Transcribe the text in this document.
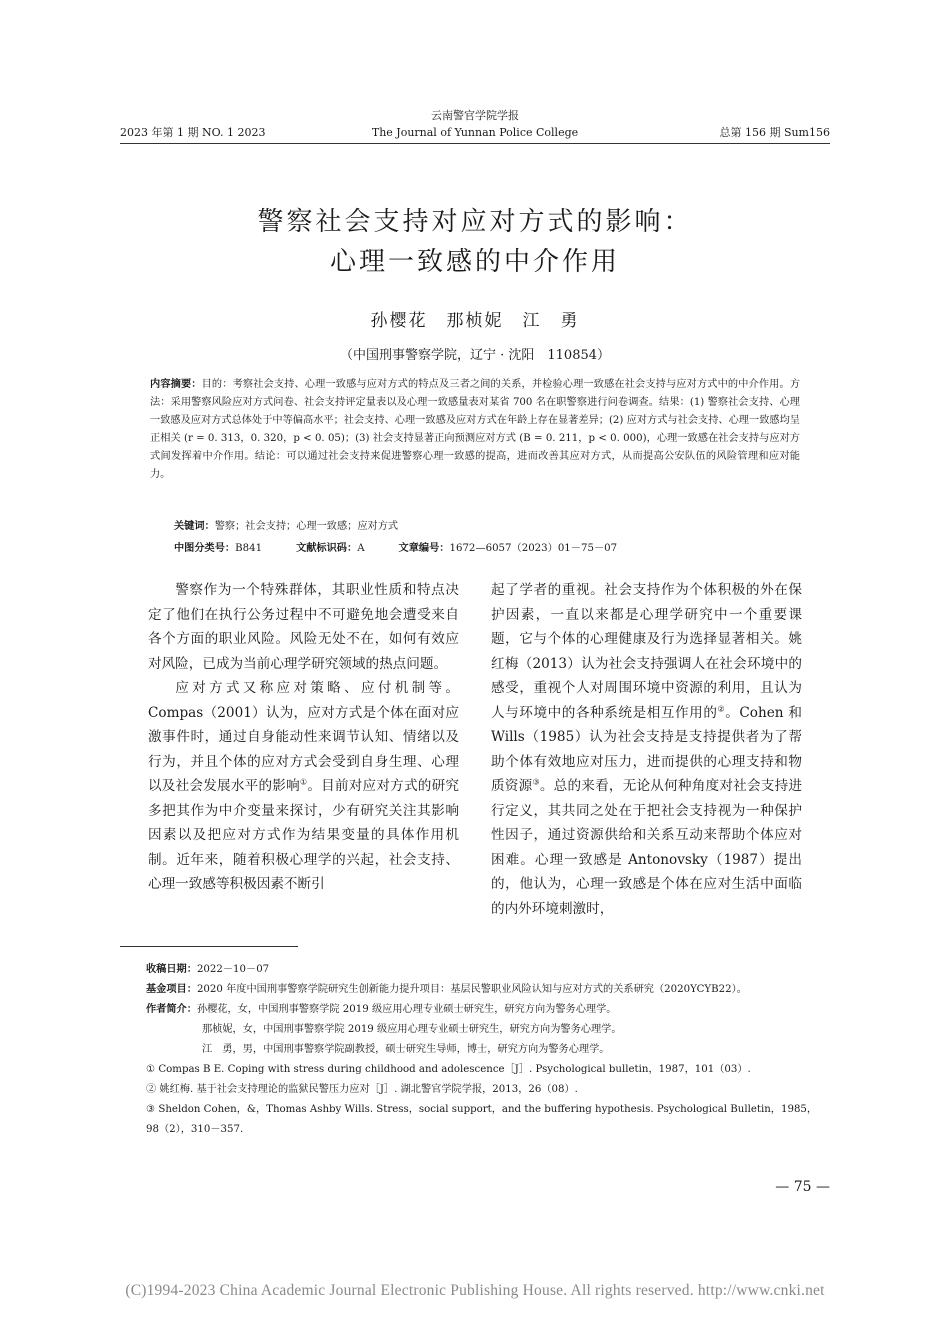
云南警官学院学报
The Journal of Yunnan Police College
2023 年第 1 期 NO. 1 2023	总第 156 期 Sum156
警察社会支持对应对方式的影响：
心理一致感的中介作用
孙樱花　那桢妮　江　勇
（中国刑事警察学院，辽宁 · 沈阳　110854）
内容摘要：目的：考察社会支持、心理一致感与应对方式的特点及三者之间的关系，并检验心理一致感在社会支持与应对方式中的中介作用。方法：采用警察风险应对方式问卷、社会支持评定量表以及心理一致感量表对某省 700 名在职警察进行问卷调查。结果：(1) 警察社会支持、心理一致感及应对方式总体处于中等偏高水平；社会支持、心理一致感及应对方式在年龄上存在显著差异；(2) 应对方式与社会支持、心理一致感均呈正相关 (r = 0. 313，0. 320，p < 0. 05)；(3) 社会支持显著正向预测应对方式 (B = 0. 211，p < 0. 000)，心理一致感在社会支持与应对方式间发挥着中介作用。结论：可以通过社会支持来促进警察心理一致感的提高，进而改善其应对方式，从而提高公安队伍的风险管理和应对能力。
关键词：警察；社会支持；心理一致感；应对方式
中图分类号：B841	文献标识码：A	文章编号：1672—6057（2023）01－75－07

警察作为一个特殊群体，其职业性质和特点决定了他们在执行公务过程中不可避免地会遭受来自各个方面的职业风险。风险无处不在，如何有效应对风险，已成为当前心理学研究领域的热点问题。

应对方式又称应对策略、应付机制等。Compas（2001）认为，应对方式是个体在面对应激事件时，通过自身能动性来调节认知、情绪以及行为，并且个体的应对方式会受到自身生理、心理以及社会发展水平的影响①。目前对应对方式的研究多把其作为中介变量来探讨，少有研究关注其影响因素以及把应对方式作为结果变量的具体作用机制。近年来，随着积极心理学的兴起，社会支持、心理一致感等积极因素不断引

起了学者的重视。社会支持作为个体积极的外在保护因素，一直以来都是心理学研究中一个重要课题，它与个体的心理健康及行为选择显著相关。姚红梅（2013）认为社会支持强调人在社会环境中的感受，重视个人对周围环境中资源的利用，且认为人与环境中的各种系统是相互作用的②。Cohen 和 Wills（1985）认为社会支持是支持提供者为了帮助个体有效地应对压力，进而提供的心理支持和物质资源③。总的来看，无论从何种角度对社会支持进行定义，其共同之处在于把社会支持视为一种保护性因子，通过资源供给和关系互动来帮助个体应对困难。心理一致感是 Antonovsky（1987）提出的，他认为，心理一致感是个体在应对生活中面临的内外环境刺激时，

收稿日期：2022－10－07
基金项目：2020 年度中国刑事警察学院研究生创新能力提升项目：基层民警职业风险认知与应对方式的关系研究（2020YCYB22）。
作者简介：孙樱花，女，中国刑事警察学院 2019 级应用心理专业硕士研究生，研究方向为警务心理学。
那桢妮，女，中国刑事警察学院 2019 级应用心理专业硕士研究生，研究方向为警务心理学。
江　勇，男，中国刑事警察学院副教授，硕士研究生导师，博士，研究方向为警务心理学。
① Compas B E. Coping with stress during childhood and adolescence［J］. Psychological bulletin，1987，101（03）.
② 姚红梅. 基于社会支持理论的监狱民警压力应对［J］. 湖北警官学院学报，2013，26（08）.
③ Sheldon Cohen，&，Thomas Ashby Wills. Stress，social support，and the buffering hypothesis. Psychological Bulletin，1985，98（2），310－357.
— 75 —
(C)1994-2023 China Academic Journal Electronic Publishing House. All rights reserved. http://www.cnki.net
